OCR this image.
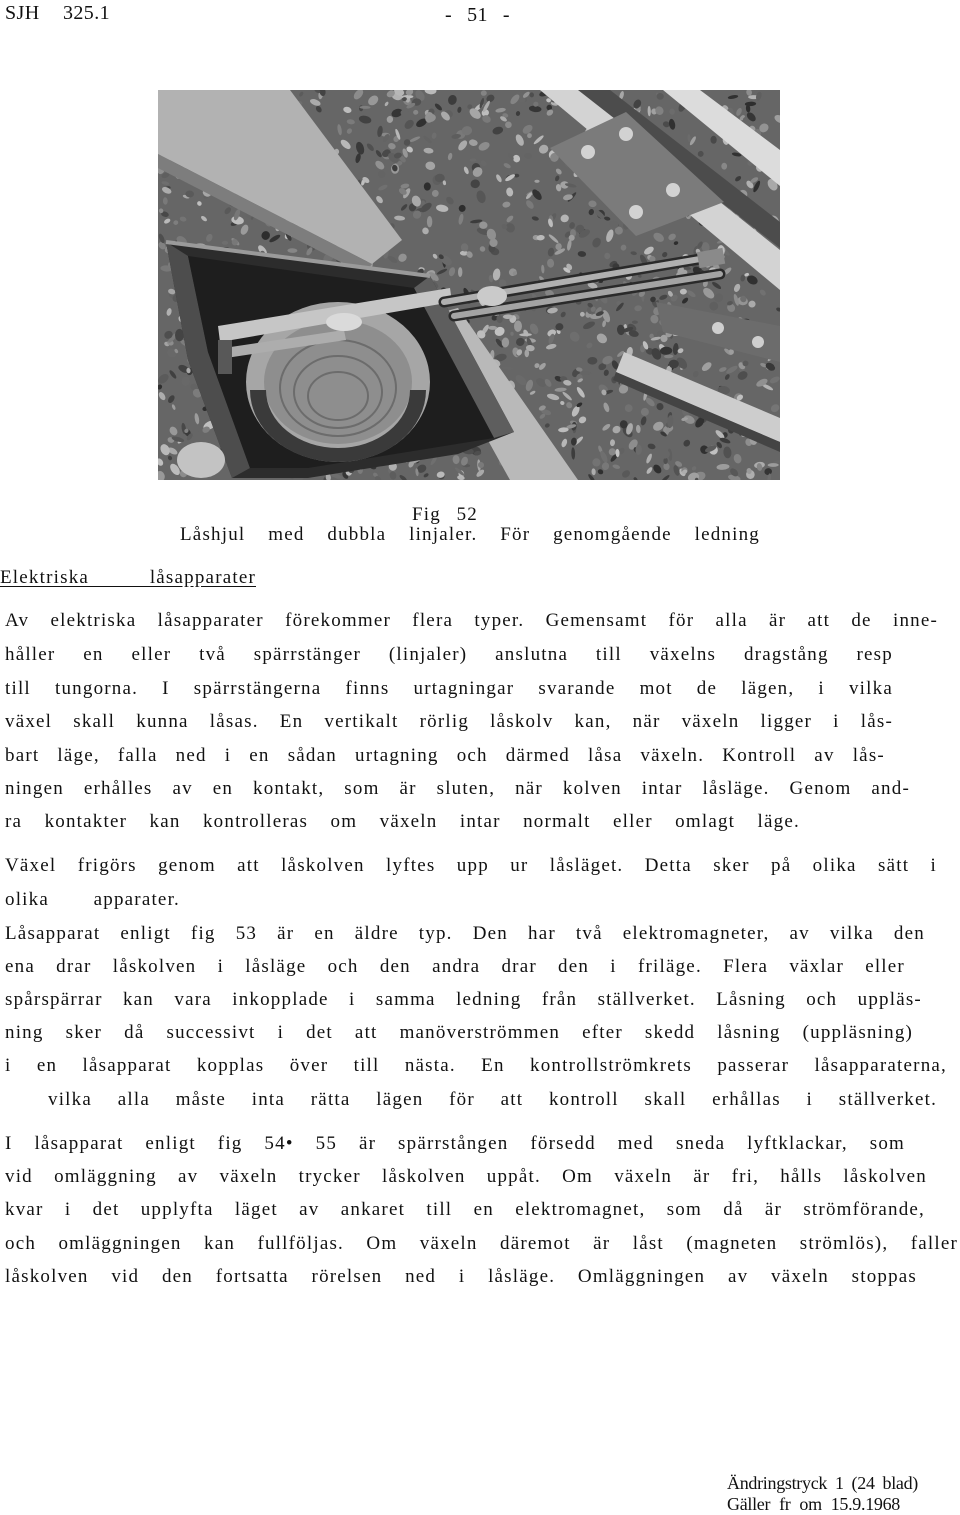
SJH 325.1	- 51 -
Fig 52
Låshjul med dubbla linjaler. För genomgående ledning
Elektriska låsapparater
Av elektriska låsapparater förekommer flera typer. Gemensamt för alla är att de inne-
håller en eller två spärrstänger (linjaler) anslutna till växelns dragstång resp
till tungorna. I spärrstängerna finns urtagningar svarande mot de lägen, i vilka
växel skall kunna låsas. En vertikalt rörlig låskolv kan, när växeln ligger i lås-
bart läge, falla ned i en sådan urtagning och därmed låsa växeln. Kontroll av lås-
ningen erhålles av en kontakt, som är sluten, när kolven intar låsläge. Genom and-
ra kontakter kan kontrolleras om växeln intar normalt eller omlagt läge.
Växel frigörs genom att låskolven lyftes upp ur låsläget. Detta sker på olika sätt i
olika apparater.
Låsapparat enligt fig 53 är en äldre typ. Den har två elektromagneter, av vilka den
ena drar låskolven i låsläge och den andra drar den i friläge. Flera växlar eller
spårspärrar kan vara inkopplade i samma ledning från ställverket. Låsning och uppläs-
ning sker då successivt i det att manöverströmmen efter skedd låsning (uppläsning)
i en låsapparat kopplas över till nästa. En kontrollströmkrets passerar låsapparaterna,
vilka alla måste inta rätta lägen för att kontroll skall erhållas i ställverket.
I låsapparat enligt fig 54• 55 är spärrstången försedd med sneda lyftklackar, som
vid omläggning av växeln trycker låskolven uppåt. Om växeln är fri, hålls låskolven
kvar i det upplyfta läget av ankaret till en elektromagnet, som då är strömförande,
och omläggningen kan fullföljas. Om växeln däremot är låst (magneten strömlös), faller
låskolven vid den fortsatta rörelsen ned i låsläge. Omläggningen av växeln stoppas
Ändringstryck 1 (24 blad)
Gäller fr om 15.9.1968
